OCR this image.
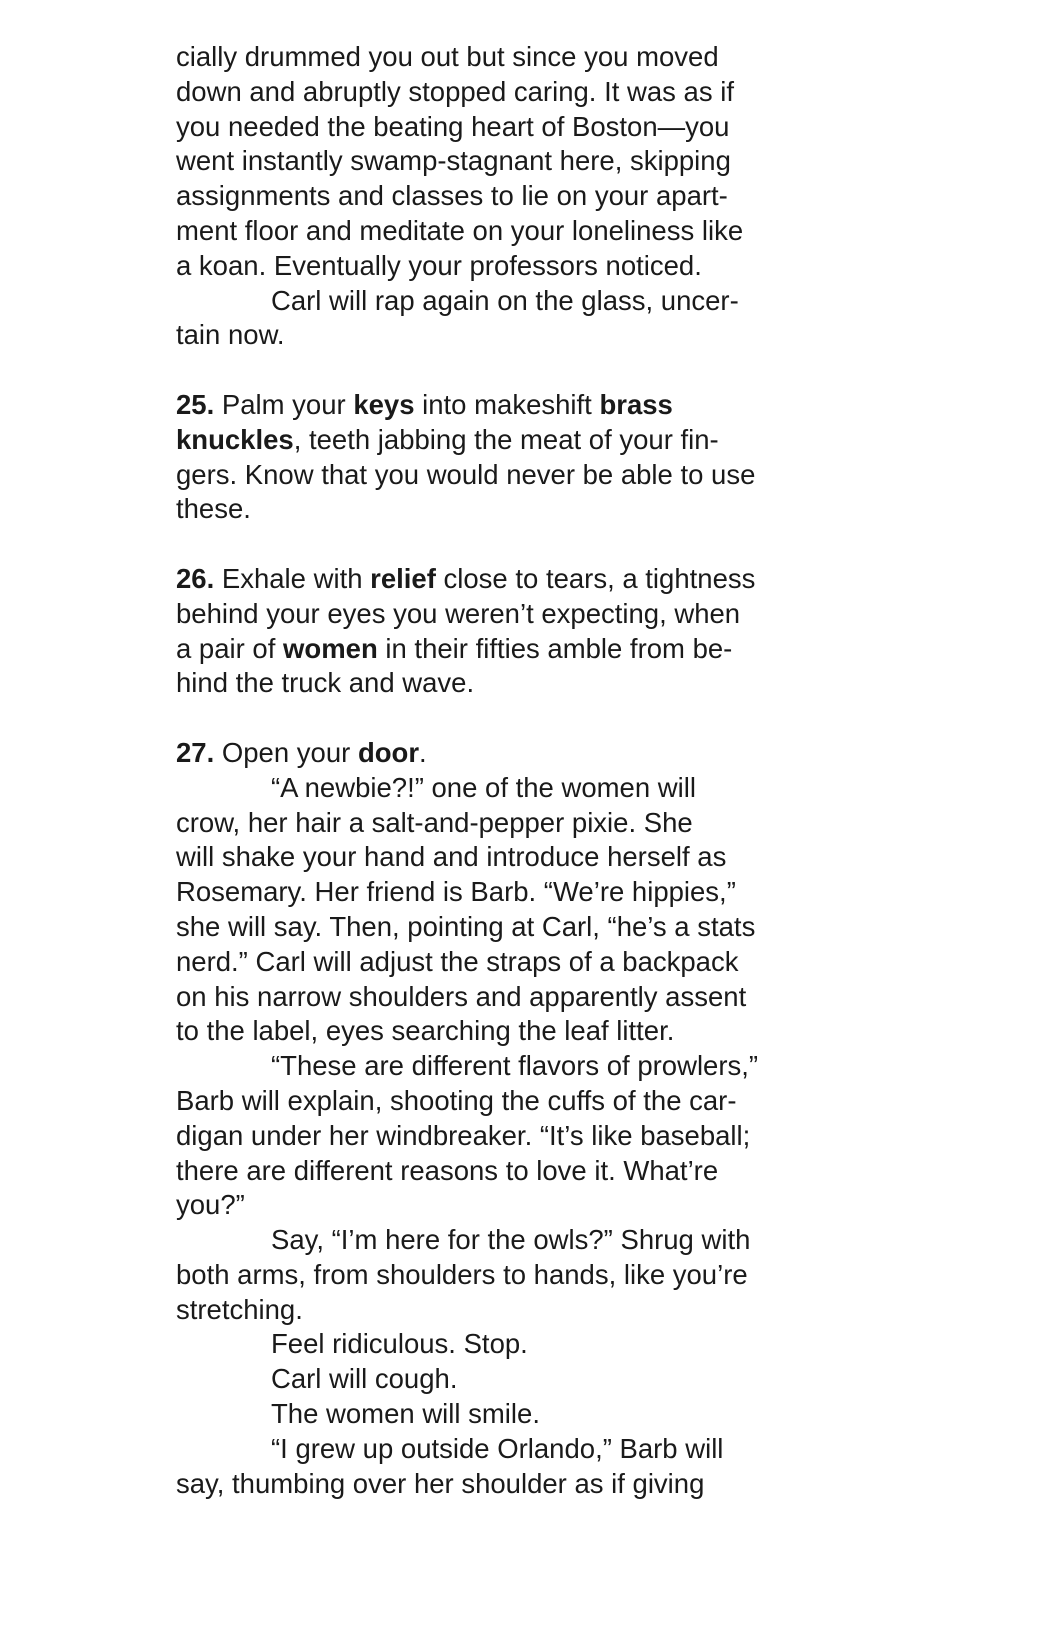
cially drummed you out but since you moved
down and abruptly stopped caring. It was as if
you needed the beating heart of Boston—you
went instantly swamp-stagnant here, skipping
assignments and classes to lie on your apart-
ment floor and meditate on your loneliness like
a koan. Eventually your professors noticed.
Carl will rap again on the glass, uncer-
tain now.
25. Palm your keys into makeshift brass
knuckles, teeth jabbing the meat of your fin-
gers. Know that you would never be able to use
these.
26. Exhale with relief close to tears, a tightness
behind your eyes you weren’t expecting, when
a pair of women in their fifties amble from be-
hind the truck and wave.
27. Open your door.
“A newbie?!” one of the women will
crow, her hair a salt-and-pepper pixie. She
will shake your hand and introduce herself as
Rosemary. Her friend is Barb. “We’re hippies,”
she will say. Then, pointing at Carl, “he’s a stats
nerd.” Carl will adjust the straps of a backpack
on his narrow shoulders and apparently assent
to the label, eyes searching the leaf litter.
“These are different flavors of prowlers,”
Barb will explain, shooting the cuffs of the car-
digan under her windbreaker. “It’s like baseball;
there are different reasons to love it. What’re
you?”
Say, “I’m here for the owls?” Shrug with
both arms, from shoulders to hands, like you’re
stretching.
Feel ridiculous. Stop.
Carl will cough.
The women will smile.
“I grew up outside Orlando,” Barb will
say, thumbing over her shoulder as if giving
